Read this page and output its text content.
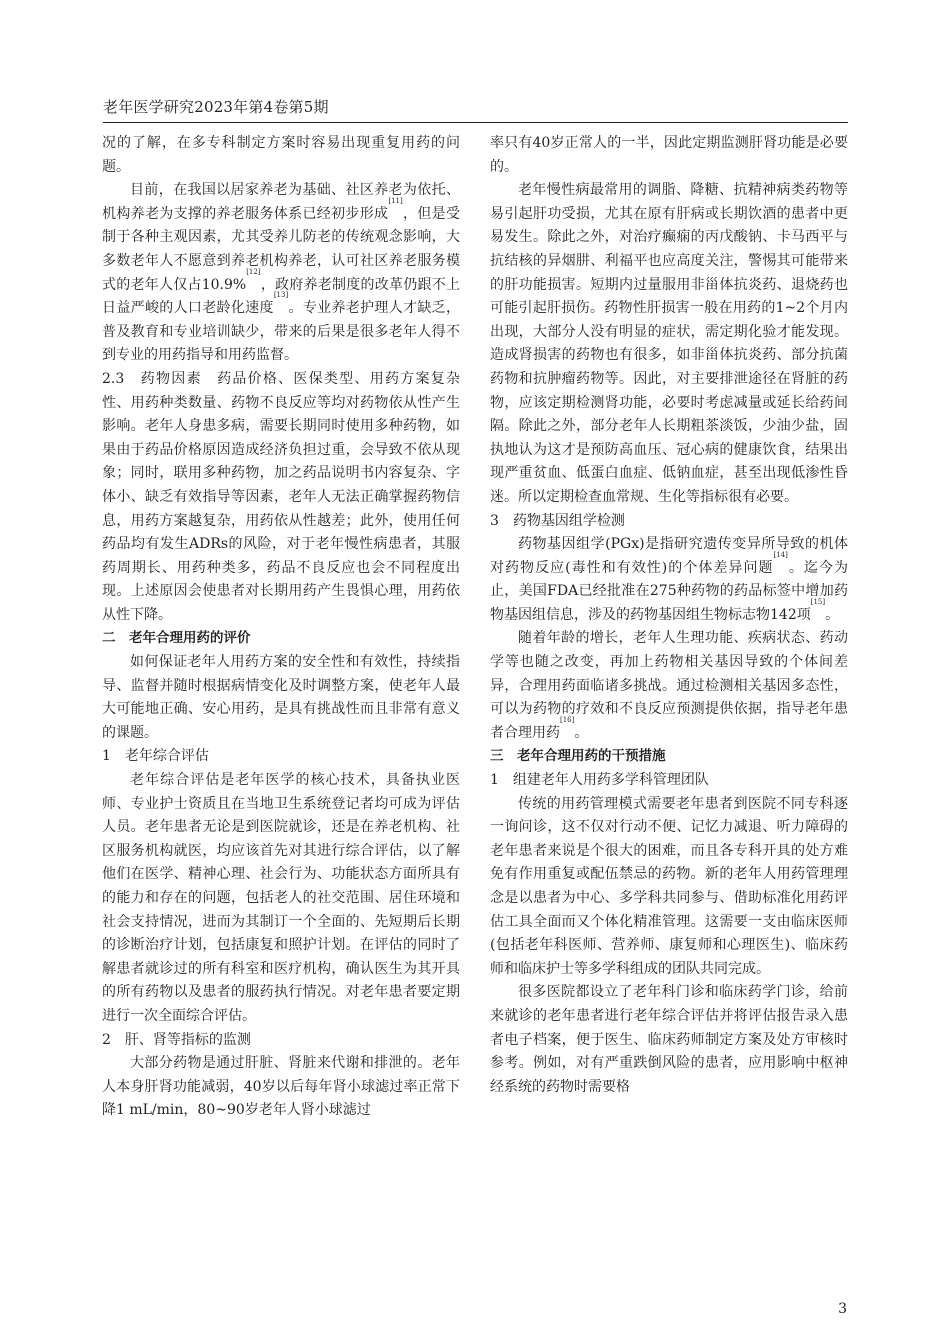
老年医学研究2023年第4卷第5期

况的了解，在多专科制定方案时容易出现重复用药的问题。

目前，在我国以居家养老为基础、社区养老为依托、机构养老为支撑的养老服务体系已经初步形成[11]，但是受制于各种主观因素，尤其受养儿防老的传统观念影响，大多数老年人不愿意到养老机构养老，认可社区养老服务模式的老年人仅占10.9%[12]，政府养老制度的改革仍跟不上日益严峻的人口老龄化速度[13]。专业养老护理人才缺乏，普及教育和专业培训缺少，带来的后果是很多老年人得不到专业的用药指导和用药监督。

2.3　药物因素　药品价格、医保类型、用药方案复杂性、用药种类数量、药物不良反应等均对药物依从性产生影响。老年人身患多病，需要长期同时使用多种药物，如果由于药品价格原因造成经济负担过重，会导致不依从现象；同时，联用多种药物，加之药品说明书内容复杂、字体小、缺乏有效指导等因素，老年人无法正确掌握药物信息，用药方案越复杂，用药依从性越差；此外，使用任何药品均有发生ADRs的风险，对于老年慢性病患者，其服药周期长、用药种类多，药品不良反应也会不同程度出现。上述原因会使患者对长期用药产生畏惧心理，用药依从性下降。

二　老年合理用药的评价

如何保证老年人用药方案的安全性和有效性，持续指导、监督并随时根据病情变化及时调整方案，使老年人最大可能地正确、安心用药，是具有挑战性而且非常有意义的课题。

1　老年综合评估

老年综合评估是老年医学的核心技术，具备执业医师、专业护士资质且在当地卫生系统登记者均可成为评估人员。老年患者无论是到医院就诊，还是在养老机构、社区服务机构就医，均应该首先对其进行综合评估，以了解他们在医学、精神心理、社会行为、功能状态方面所具有的能力和存在的问题，包括老人的社交范围、居住环境和社会支持情况，进而为其制订一个全面的、先短期后长期的诊断治疗计划，包括康复和照护计划。在评估的同时了解患者就诊过的所有科室和医疗机构，确认医生为其开具的所有药物以及患者的服药执行情况。对老年患者要定期进行一次全面综合评估。

2　肝、肾等指标的监测

大部分药物是通过肝脏、肾脏来代谢和排泄的。老年人本身肝肾功能减弱，40岁以后每年肾小球滤过率正常下降1 mL/min，80~90岁老年人肾小球滤过

率只有40岁正常人的一半，因此定期监测肝肾功能是必要的。

老年慢性病最常用的调脂、降糖、抗精神病类药物等易引起肝功受损，尤其在原有肝病或长期饮酒的患者中更易发生。除此之外，对治疗癫痫的丙戊酸钠、卡马西平与抗结核的异烟肼、利福平也应高度关注，警惕其可能带来的肝功能损害。短期内过量服用非甾体抗炎药、退烧药也可能引起肝损伤。药物性肝损害一般在用药的1~2个月内出现，大部分人没有明显的症状，需定期化验才能发现。造成肾损害的药物也有很多，如非甾体抗炎药、部分抗菌药物和抗肿瘤药物等。因此，对主要排泄途径在肾脏的药物，应该定期检测肾功能，必要时考虑减量或延长给药间隔。除此之外，部分老年人长期粗茶淡饭，少油少盐，固执地认为这才是预防高血压、冠心病的健康饮食，结果出现严重贫血、低蛋白血症、低钠血症，甚至出现低渗性昏迷。所以定期检查血常规、生化等指标很有必要。

3　药物基因组学检测

药物基因组学(PGx)是指研究遗传变异所导致的机体对药物反应(毒性和有效性)的个体差异问题[14]。迄今为止，美国FDA已经批准在275种药物的药品标签中增加药物基因组信息，涉及的药物基因组生物标志物142项[15]。

随着年龄的增长，老年人生理功能、疾病状态、药动学等也随之改变，再加上药物相关基因导致的个体间差异，合理用药面临诸多挑战。通过检测相关基因多态性，可以为药物的疗效和不良反应预测提供依据，指导老年患者合理用药[16]。

三　老年合理用药的干预措施

1　组建老年人用药多学科管理团队

传统的用药管理模式需要老年患者到医院不同专科逐一询问诊，这不仅对行动不便、记忆力减退、听力障碍的老年患者来说是个很大的困难，而且各专科开具的处方难免有作用重复或配伍禁忌的药物。新的老年人用药管理理念是以患者为中心、多学科共同参与、借助标准化用药评估工具全面而又个体化精准管理。这需要一支由临床医师(包括老年科医师、营养师、康复师和心理医生)、临床药师和临床护士等多学科组成的团队共同完成。

很多医院都设立了老年科门诊和临床药学门诊，给前来就诊的老年患者进行老年综合评估并将评估报告录入患者电子档案，便于医生、临床药师制定方案及处方审核时参考。例如，对有严重跌倒风险的患者，应用影响中枢神经系统的药物时需要格

3
